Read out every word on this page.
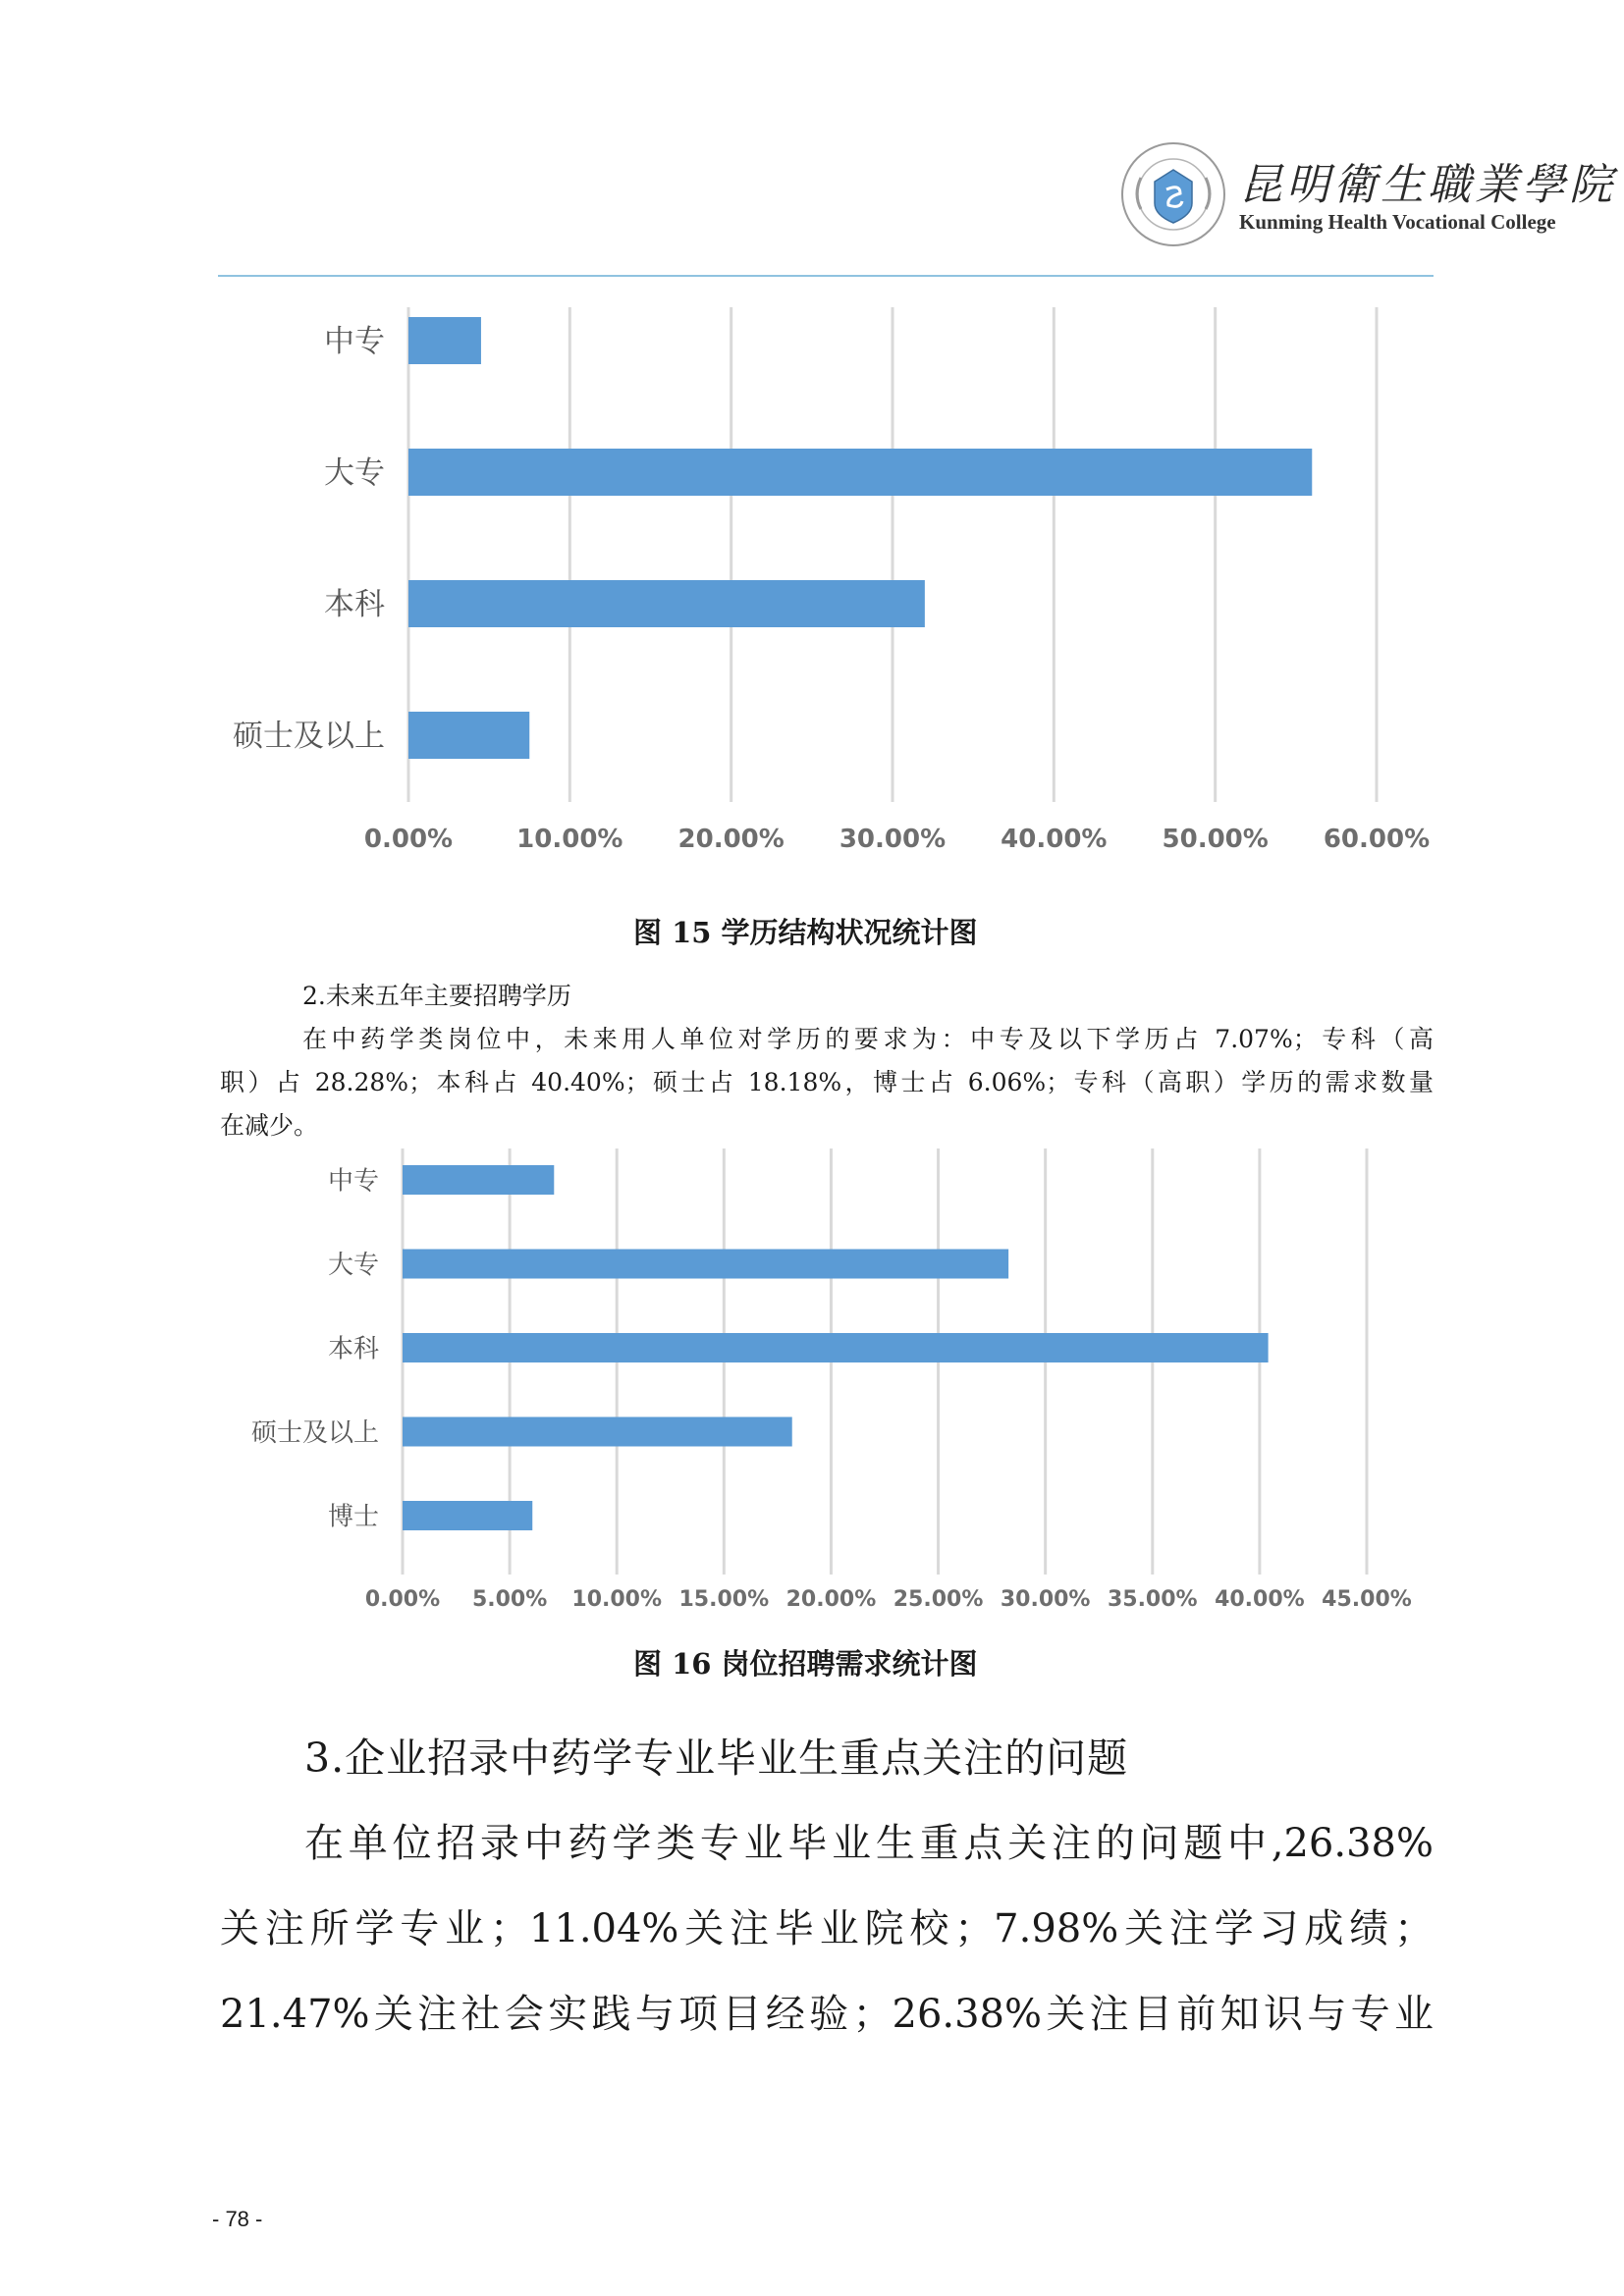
昆明衛生職業學院
Kunming Health Vocational College
0.00%	10.00% 20.00% 30.00% 40.00% 50.00% 60.00%
中专
大专
本科
硕士及以上
图 15 学历结构状况统计图
2.未来五年主要招聘学历
在中药学类岗位中，未来用人单位对学历的要求为：中专及以下学历占 7.07%；专科（高
职）占 28.28%；本科占 40.40%；硕士占 18.18%，博士占 6.06%；专科（高职）学历的需求数量
在减少。
0.00% 5.00% 10.00% 15.00% 20.00% 25.00% 30.00% 35.00% 40.00% 45.00%
中专
大专
本科
硕士及以上
博士
图 16 岗位招聘需求统计图
3.企业招录中药学专业毕业生重点关注的问题
在单位招录中药学类专业毕业生重点关注的问题中,26.38%
关注所学专业；11.04%关注毕业院校；7.98%关注学习成绩；
21.47%关注社会实践与项目经验；26.38%关注目前知识与专业
- 78 -
